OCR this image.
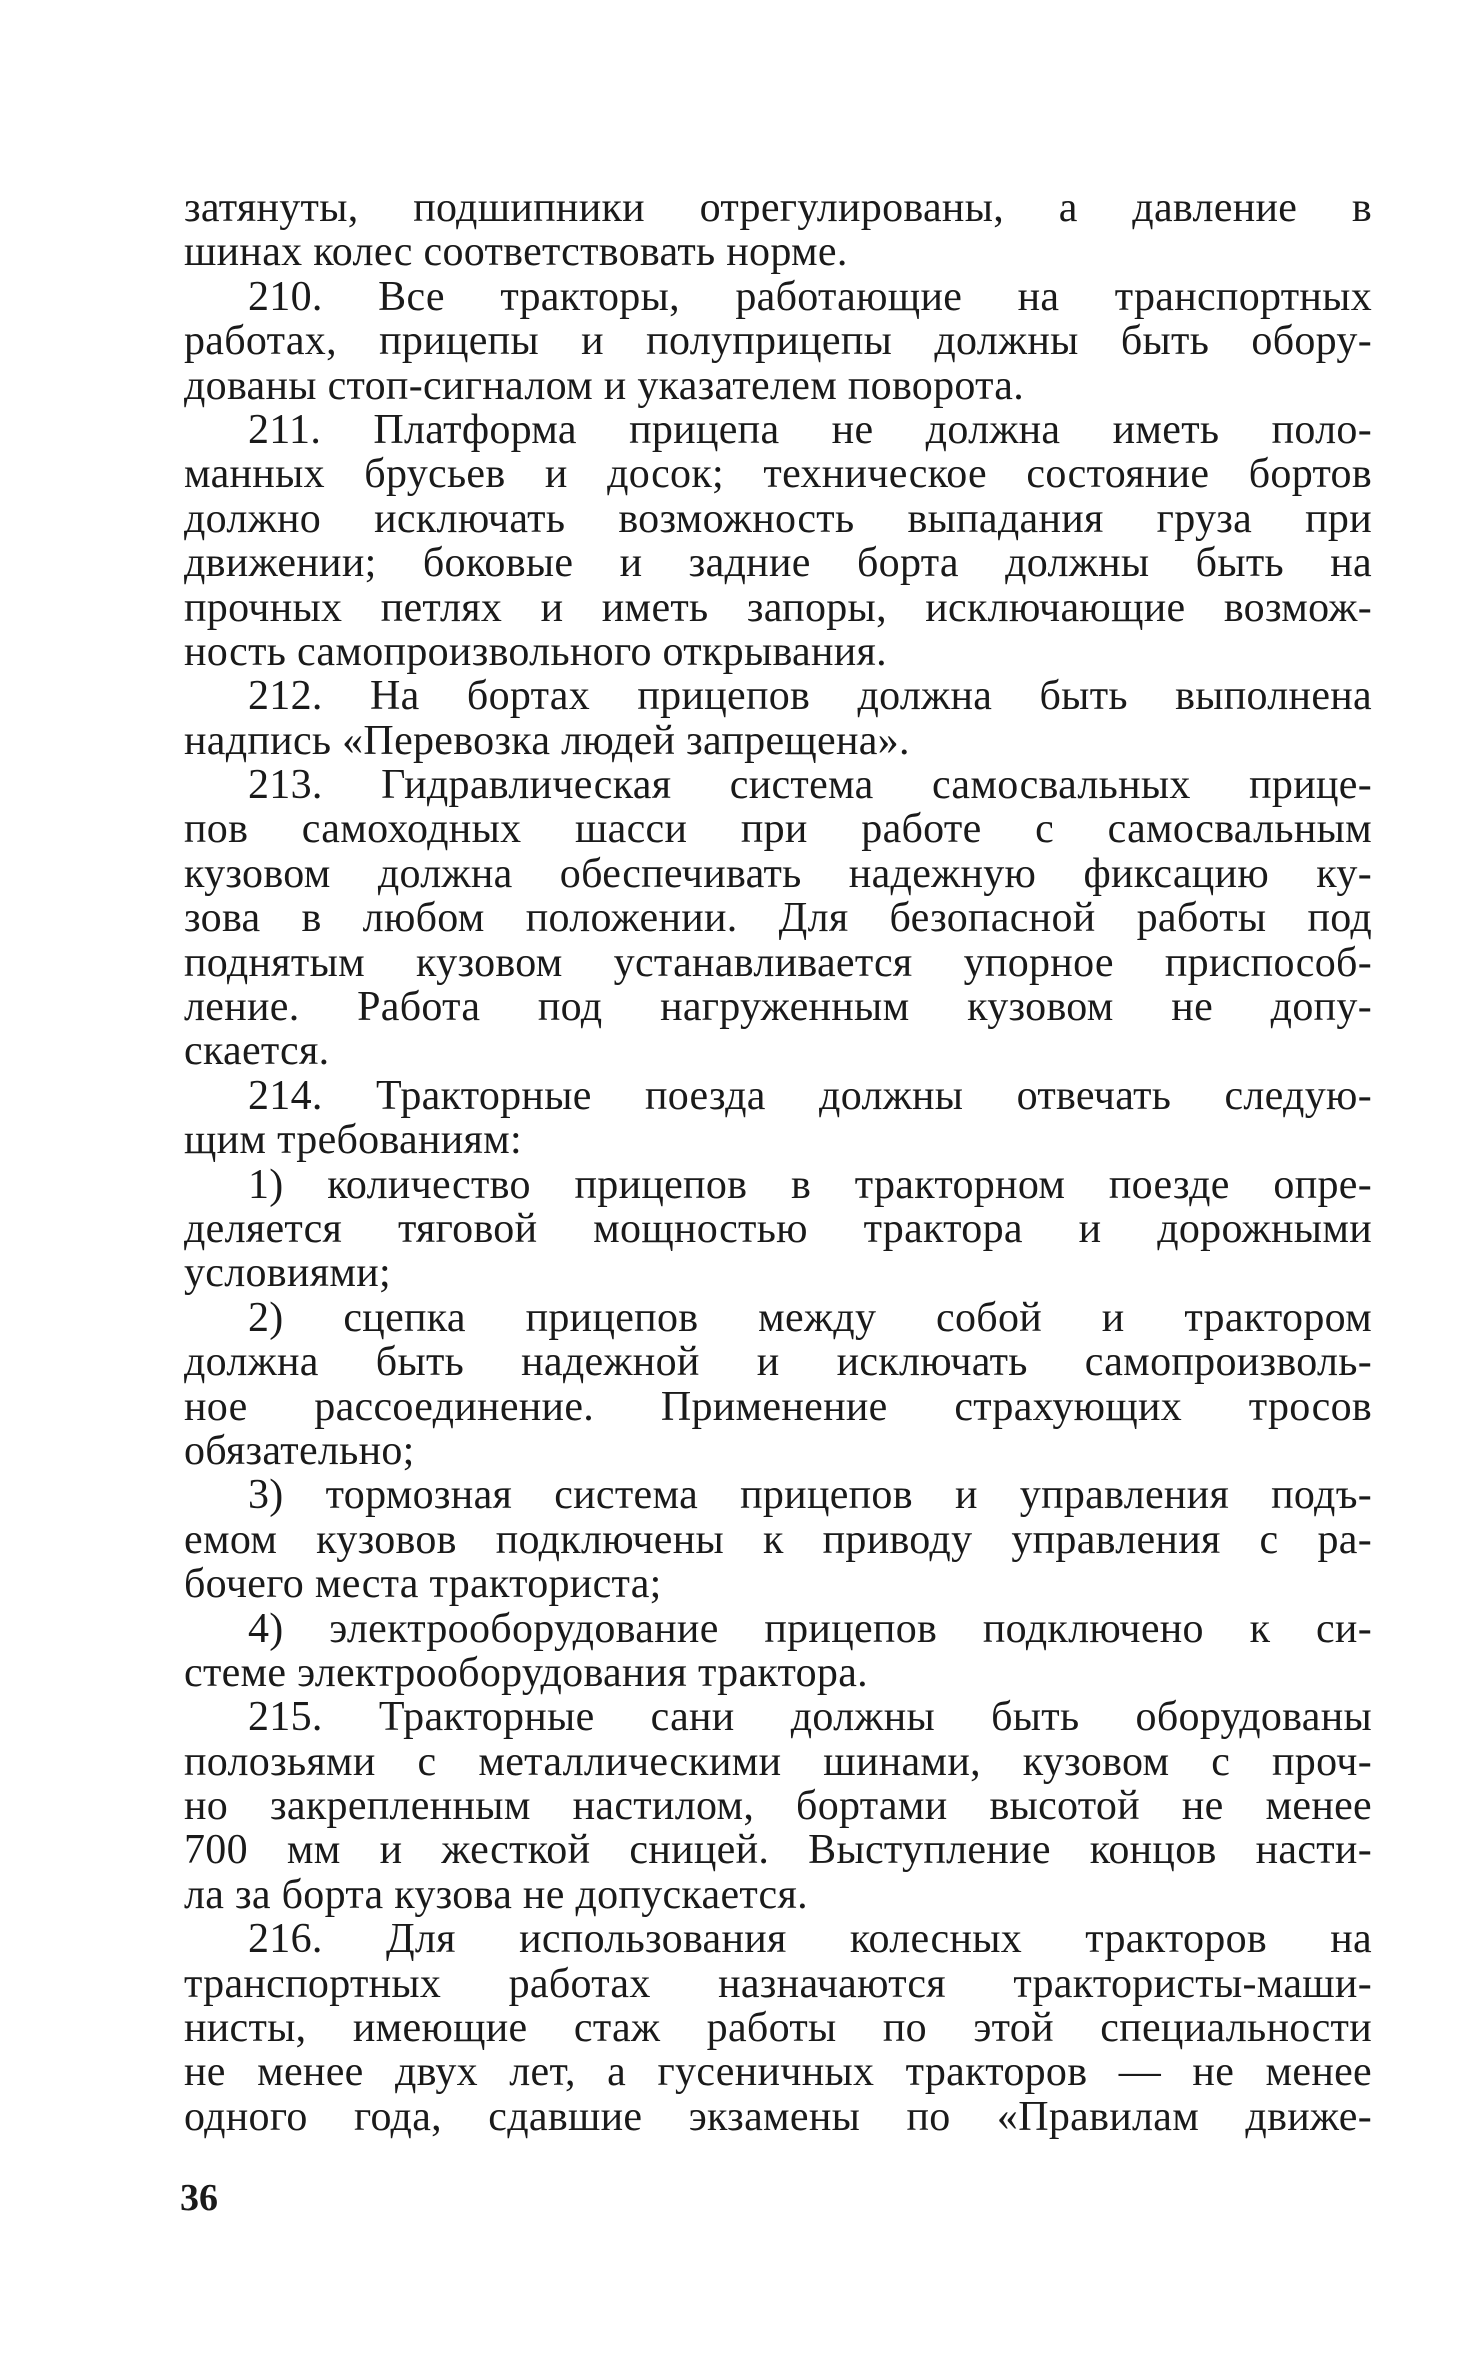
затянуты, подшипники отрегулированы, а давление в
шинах колес соответствовать норме.
210. Все тракторы, работающие на транспортных
работах, прицепы и полуприцепы должны быть обору-
дованы стоп-сигналом и указателем поворота.
211. Платформа прицепа не должна иметь поло-
манных брусьев и досок; техническое состояние бортов
должно исключать возможность выпадания груза при
движении; боковые и задние борта должны быть на
прочных петлях и иметь запоры, исключающие возмож-
ность самопроизвольного открывания.
212. На бортах прицепов должна быть выполнена
надпись «Перевозка людей запрещена».
213. Гидравлическая система самосвальных прице-
пов самоходных шасси при работе с самосвальным
кузовом должна обеспечивать надежную фиксацию ку-
зова в любом положении. Для безопасной работы под
поднятым кузовом устанавливается упорное приспособ-
ление. Работа под нагруженным кузовом не допу-
скается.
214. Тракторные поезда должны отвечать следую-
щим требованиям:
1) количество прицепов в тракторном поезде опре-
деляется тяговой мощностью трактора и дорожными
условиями;
2) сцепка прицепов между собой и трактором
должна быть надежной и исключать самопроизволь-
ное рассоединение. Применение страхующих тросов
обязательно;
3) тормозная система прицепов и управления подъ-
емом кузовов подключены к приводу управления с ра-
бочего места тракториста;
4) электрооборудование прицепов подключено к си-
стеме электрооборудования трактора.
215. Тракторные сани должны быть оборудованы
полозьями с металлическими шинами, кузовом с проч-
но закрепленным настилом, бортами высотой не менее
700 мм и жесткой сницей. Выступление концов насти-
ла за борта кузова не допускается.
216. Для использования колесных тракторов на
транспортных работах назначаются трактористы-маши-
нисты, имеющие стаж работы по этой специальности
не менее двух лет, а гусеничных тракторов — не менее
одного года, сдавшие экзамены по «Правилам движе-
36
